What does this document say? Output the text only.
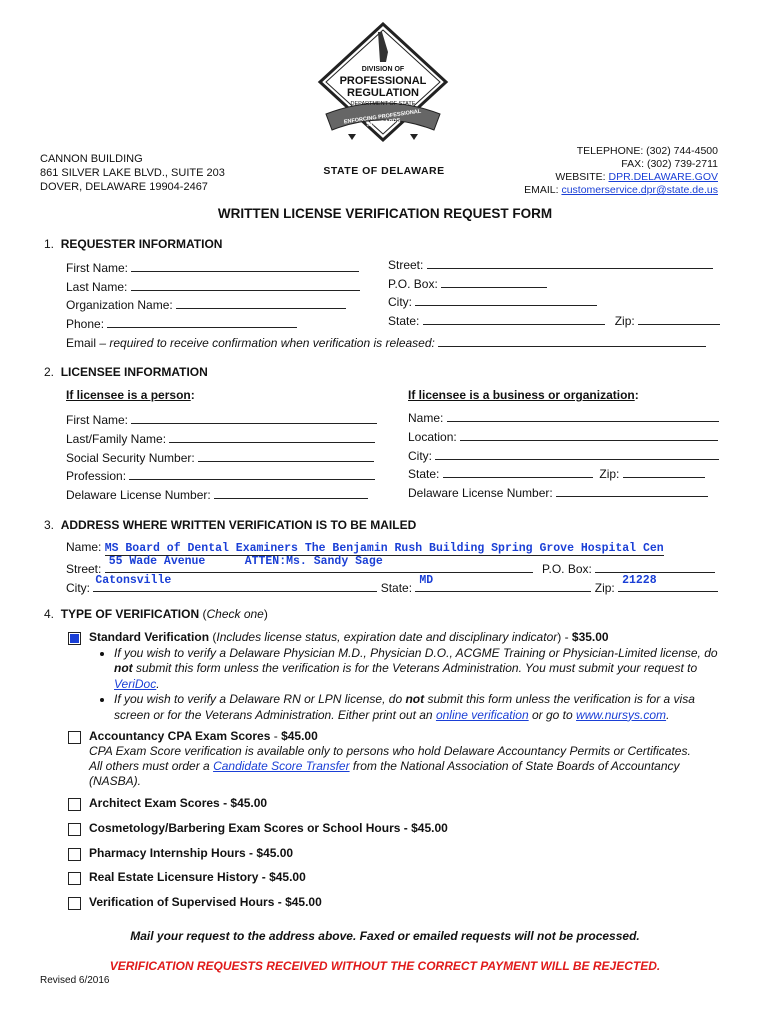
DIVISION OF
PROFESSIONAL
REGULATION
DEPARTMENT OF STATE
ENFORCING PROFESSIONAL STANDARDS
CANNON BUILDING
861 SILVER LAKE BLVD., SUITE 203
DOVER, DELAWARE 19904-2467
STATE OF DELAWARE
TELEPHONE: (302) 744-4500
FAX: (302) 739-2711
WEBSITE: DPR.DELAWARE.GOV
EMAIL: customerservice.dpr@state.de.us
WRITTEN LICENSE VERIFICATION REQUEST FORM
1. REQUESTER INFORMATION
First Name:
Last Name:
Organization Name:
Phone:
Street:
P.O. Box:
City:
State:	Zip:
Email – required to receive confirmation when verification is released:
2. LICENSEE INFORMATION
If licensee is a person:	If licensee is a business or organization:
First Name:
Last/Family Name:
Social Security Number:
Profession:
Delaware License Number:
Name:
Location:
City:
State:	Zip:
Delaware License Number:
3. ADDRESS WHERE WRITTEN VERIFICATION IS TO BE MAILED
Name: MS Board of Dental Examiners The Benjamin Rush Building Spring Grove Hospital Cen
Street:
55 Wade Avenue	ATTEN:Ms. Sandy Sage
P.O. Box:
City:
Catonsville
State:
MD
Zip:
21228
4. TYPE OF VERIFICATION (Check one)
Standard Verification (Includes license status, expiration date and disciplinary indicator) - $35.00
• If you wish to verify a Delaware Physician M.D., Physician D.O., ACGME Training or Physician-Limited license, do not submit this form unless the verification is for the Veterans Administration. You must submit your request to VeriDoc.
• If you wish to verify a Delaware RN or LPN license, do not submit this form unless the verification is for a visa screen or for the Veterans Administration. Either print out an online verification or go to www.nursys.com.
Accountancy CPA Exam Scores - $45.00
CPA Exam Score verification is available only to persons who hold Delaware Accountancy Permits or Certificates.
All others must order a Candidate Score Transfer from the National Association of State Boards of Accountancy (NASBA).
Architect Exam Scores - $45.00
Cosmetology/Barbering Exam Scores or School Hours - $45.00
Pharmacy Internship Hours - $45.00
Real Estate Licensure History - $45.00
Verification of Supervised Hours - $45.00
Mail your request to the address above. Faxed or emailed requests will not be processed.
VERIFICATION REQUESTS RECEIVED WITHOUT THE CORRECT PAYMENT WILL BE REJECTED.
Revised 6/2016
